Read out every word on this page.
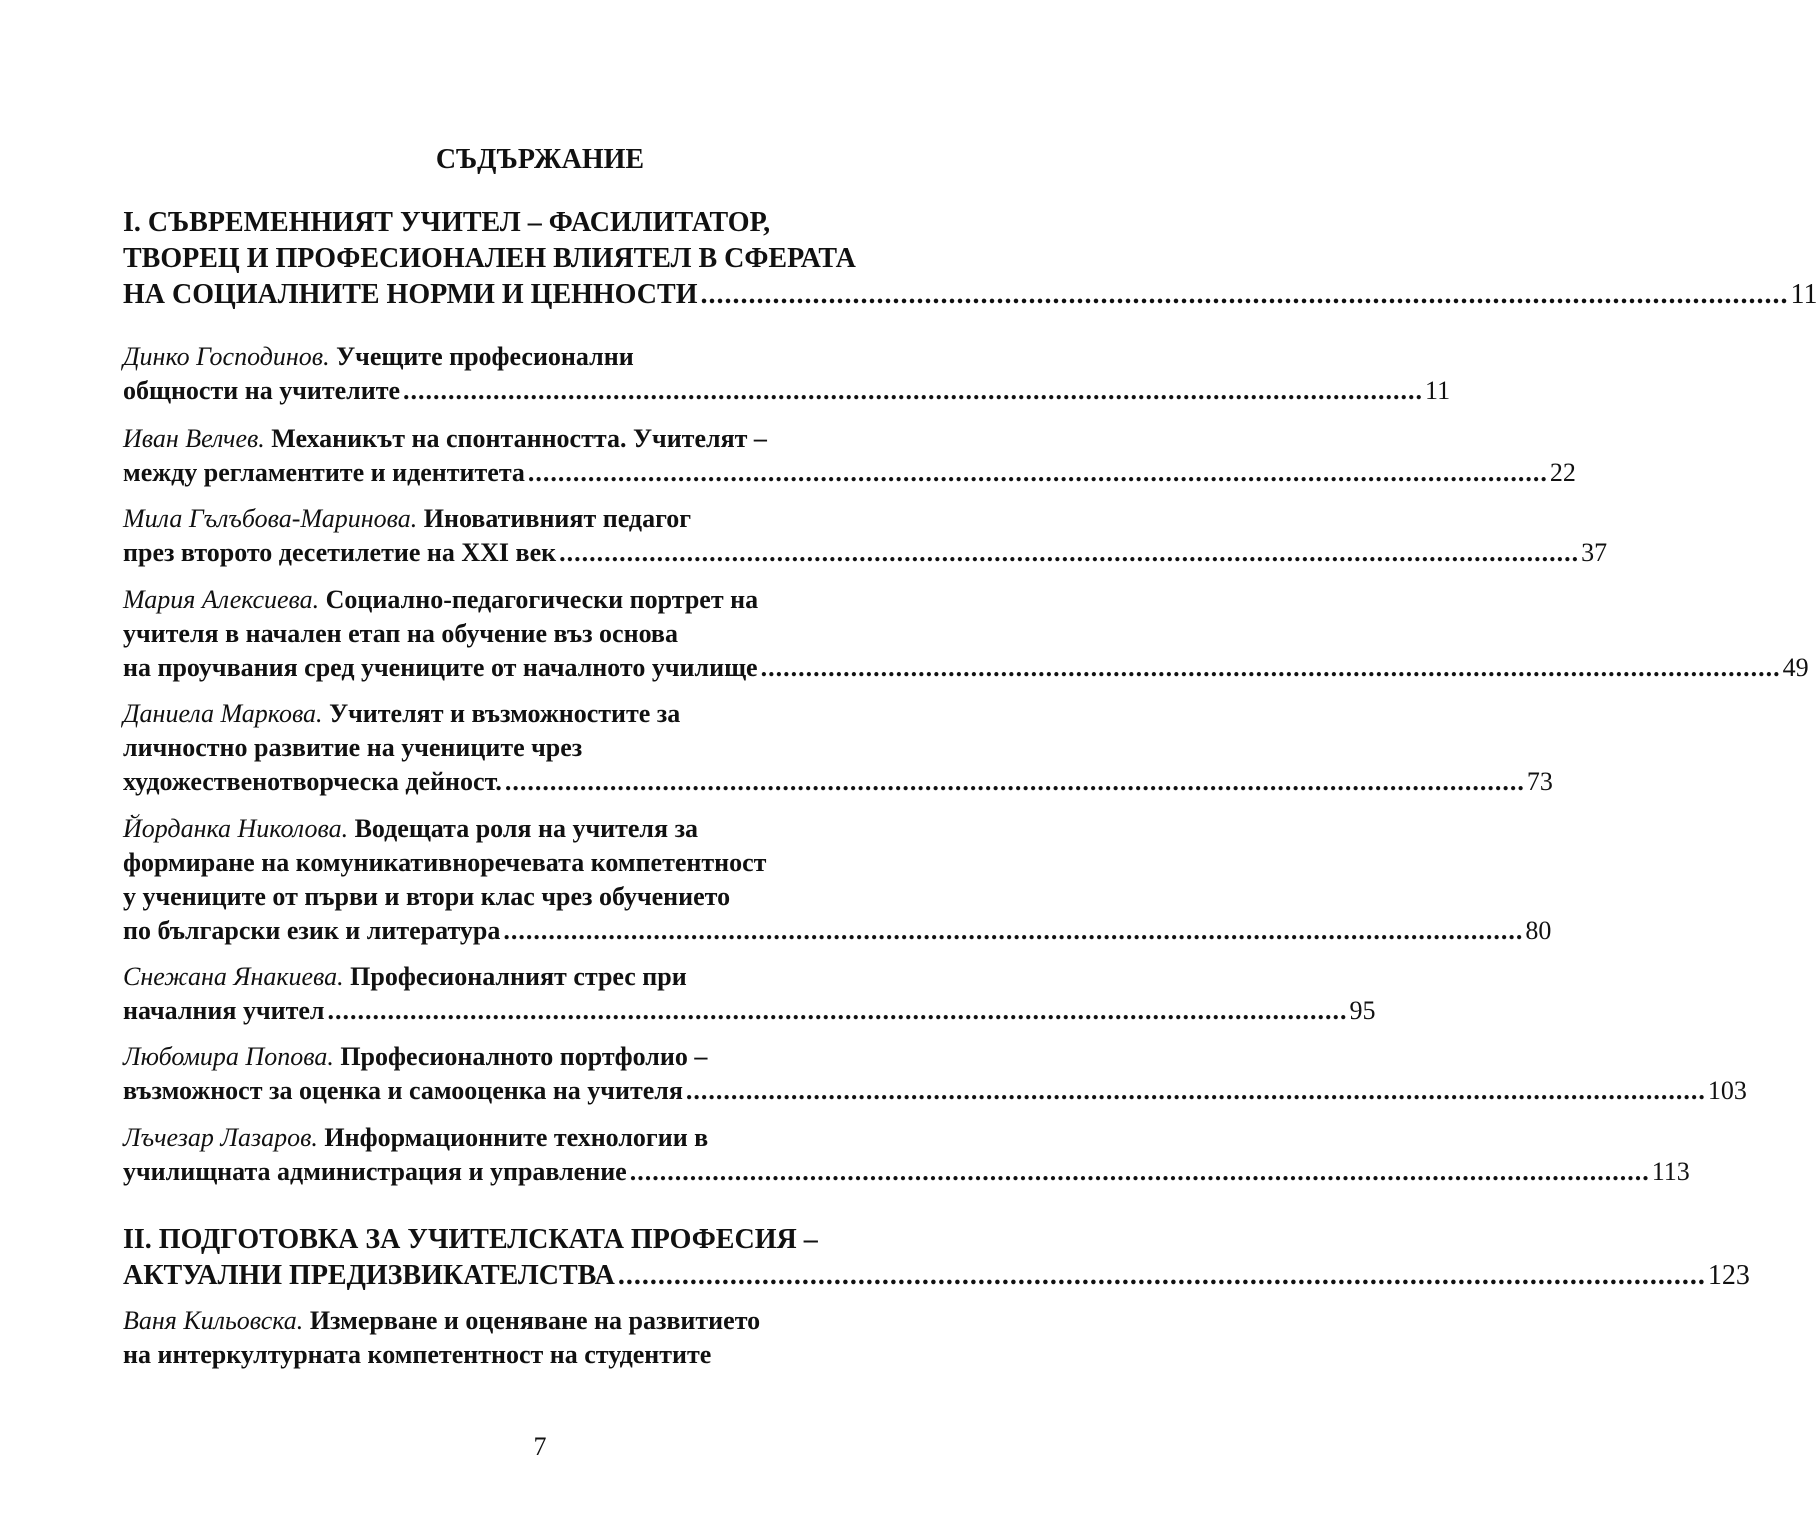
СЪДЪРЖАНИЕ
I. СЪВРЕМЕННИЯТ УЧИТЕЛ – ФАСИЛИТАТОР,
ТВОРЕЦ И ПРОФЕСИОНАЛЕН ВЛИЯТЕЛ В СФЕРАТА
НА СОЦИАЛНИТЕ НОРМИ И ЦЕННОСТИ ........................................................................................................................................ 11
Динко Господинов. Учещите професионални
общности на учителите ........................................................................................................................................ 11
Иван Велчев. Механикът на спонтанността. Учителят –
между регламентите и идентитета ........................................................................................................................................ 22
Мила Гълъбова-Маринова. Иновативният педагог
през второто десетилетие на XXI век ........................................................................................................................................ 37
Мария Алексиева. Социално-педагогически портрет на
учителя в начален етап на обучение въз основа
на проучвания сред учениците от началното училище ........................................................................................................................................ 49
Даниела Маркова. Учителят и възможностите за
личностно развитие на учениците чрез
художественотворческа дейност. ........................................................................................................................................ 73
Йорданка Николова. Водещата роля на учителя за
формиране на комуникативноречевата компетентност
у учениците от първи и втори клас чрез обучението
по български език и литература ........................................................................................................................................ 80
Снежана Янакиева. Професионалният стрес при
началния учител ........................................................................................................................................ 95
Любомира Попова. Професионалното портфолио –
възможност за оценка и самооценка на учителя ........................................................................................................................................ 103
Лъчезар Лазаров. Информационните технологии в
училищната администрация и управление ........................................................................................................................................ 113
II. ПОДГОТОВКА ЗА УЧИТЕЛСКАТА ПРОФЕСИЯ –
АКТУАЛНИ ПРЕДИЗВИКАТЕЛСТВА ........................................................................................................................................ 123
Ваня Кильовска. Измерване и оценяване на развитието
на интеркултурната компетентност на студентите
7
